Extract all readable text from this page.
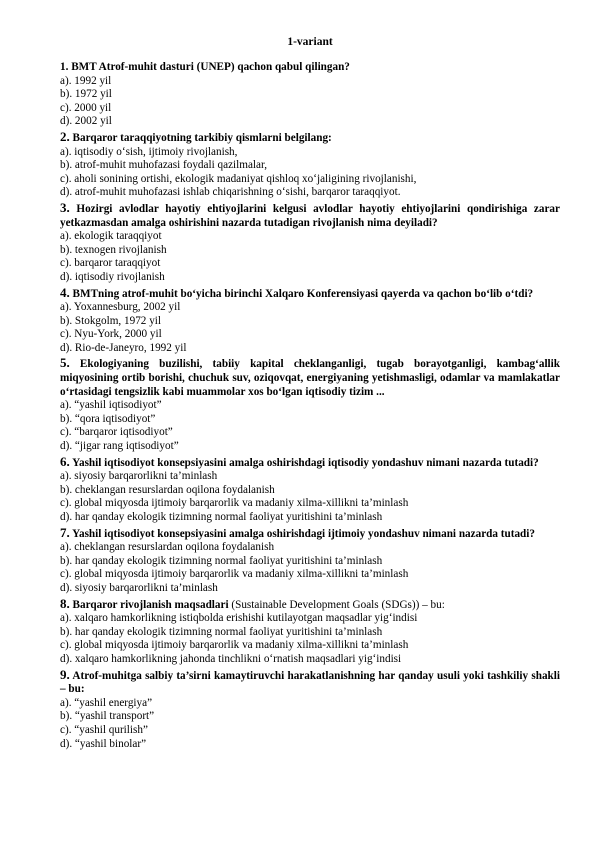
1-variant
1. BMT Atrof-muhit dasturi (UNEP) qachon qabul qilingan?
a). 1992 yil
b). 1972 yil
c). 2000 yil
d). 2002 yil
2. Barqaror taraqqiyotning tarkibiy qismlarni belgilang:
a). iqtisodiy o‘sish, ijtimoiy rivojlanish,
b). atrof-muhit muhofazasi foydali qazilmalar,
c). aholi sonining ortishi, ekologik madaniyat qishloq xo‘jaligining rivojlanishi,
d). atrof-muhit muhofazasi ishlab chiqarishning o‘sishi, barqaror taraqqiyot.
3. Hozirgi avlodlar hayotiy ehtiyojlarini kelgusi avlodlar hayotiy ehtiyojlarini qondirishiga zarar yetkazmasdan amalga oshirishini nazarda tutadigan rivojlanish nima deyiladi?
a). ekologik taraqqiyot
b). texnogen rivojlanish
c). barqaror taraqqiyot
d). iqtisodiy rivojlanish
4. BMTning atrof-muhit bo‘yicha birinchi Xalqaro Konferensiyasi qayerda va qachon bo‘lib o‘tdi?
a). Yoxannesburg, 2002 yil
b). Stokgolm, 1972 yil
c). Nyu-York, 2000 yil
d). Rio-de-Janeyro, 1992 yil
5. Ekologiyaning buzilishi, tabiiy kapital cheklanganligi, tugab borayotganligi, kambag‘allik miqyosining ortib borishi, chuchuk suv, oziqovqat, energiyaning yetishmasligi, odamlar va mamlakatlar o‘rtasidagi tengsizlik kabi muammolar xos bo‘lgan iqtisodiy tizim ...
a). “yashil iqtisodiyot”
b). “qora iqtisodiyot”
c). “barqaror iqtisodiyot”
d). “jigar rang iqtisodiyot”
6. Yashil iqtisodiyot konsepsiyasini amalga oshirishdagi iqtisodiy yondashuv nimani nazarda tutadi?
a). siyosiy barqarorlikni ta’minlash
b). cheklangan resurslardan oqilona foydalanish
c). global miqyosda ijtimoiy barqarorlik va madaniy xilma-xillikni ta’minlash
d). har qanday ekologik tizimning normal faoliyat yuritishini ta’minlash
7. Yashil iqtisodiyot konsepsiyasini amalga oshirishdagi ijtimoiy yondashuv nimani nazarda tutadi?
a). cheklangan resurslardan oqilona foydalanish
b). har qanday ekologik tizimning normal faoliyat yuritishini ta’minlash
c). global miqyosda ijtimoiy barqarorlik va madaniy xilma-xillikni ta’minlash
d). siyosiy barqarorlikni ta’minlash
8. Barqaror rivojlanish maqsadlari (Sustainable Development Goals (SDGs)) – bu:
a). xalqaro hamkorlikning istiqbolda erishishi kutilayotgan maqsadlar yig‘indisi
b). har qanday ekologik tizimning normal faoliyat yuritishini ta’minlash
c). global miqyosda ijtimoiy barqarorlik va madaniy xilma-xillikni ta’minlash
d). xalqaro hamkorlikning jahonda tinchlikni o‘rnatish maqsadlari yig‘indisi
9. Atrof-muhitga salbiy ta’sirni kamaytiruvchi harakatlanishning har qanday usuli yoki tashkiliy shakli – bu:
a). “yashil energiya”
b). “yashil transport”
c). “yashil qurilish”
d). “yashil binolar”
